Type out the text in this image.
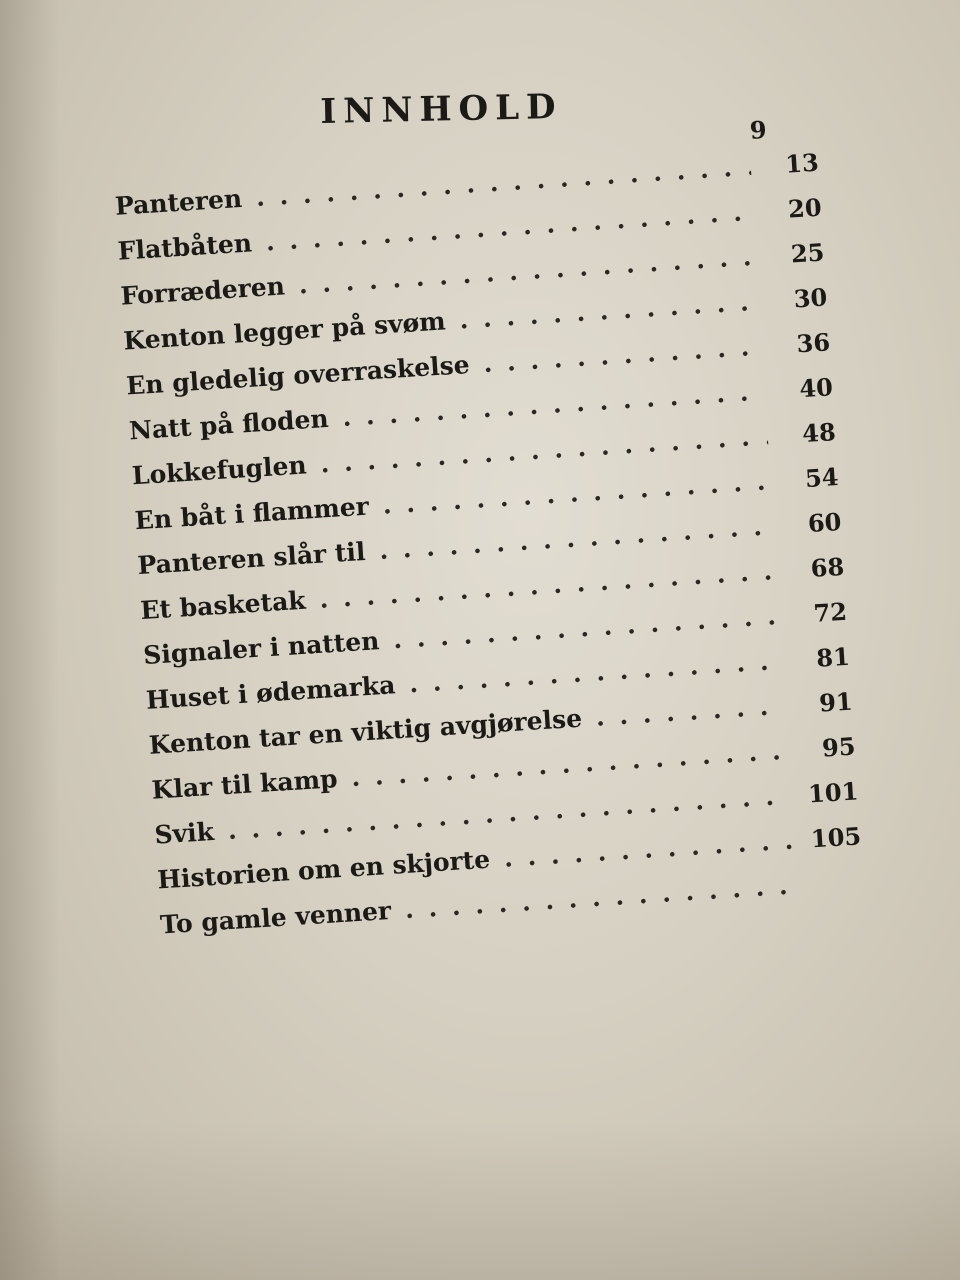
INNHOLD	9
Panteren
. . .
13
Flatbåten
. . .
20
Forræderen
. . .
25
Kenton legger på svøm
. . .
30
En gledelig overraskelse
. . .
36
Natt på floden
. . .
40
Lokkefuglen
. . .
48
En båt i flammer
. . .
54
Panteren slår til
. . .
60
Et basketak
. . .
68
Signaler i natten
. . .
72
Huset i ødemarka
. . .
81
Kenton tar en viktig avgjørelse
. . .
91
Klar til kamp
. . .
95
Svik
. . .
101
Historien om en skjorte
. . .
105
To gamle venner
. . .
